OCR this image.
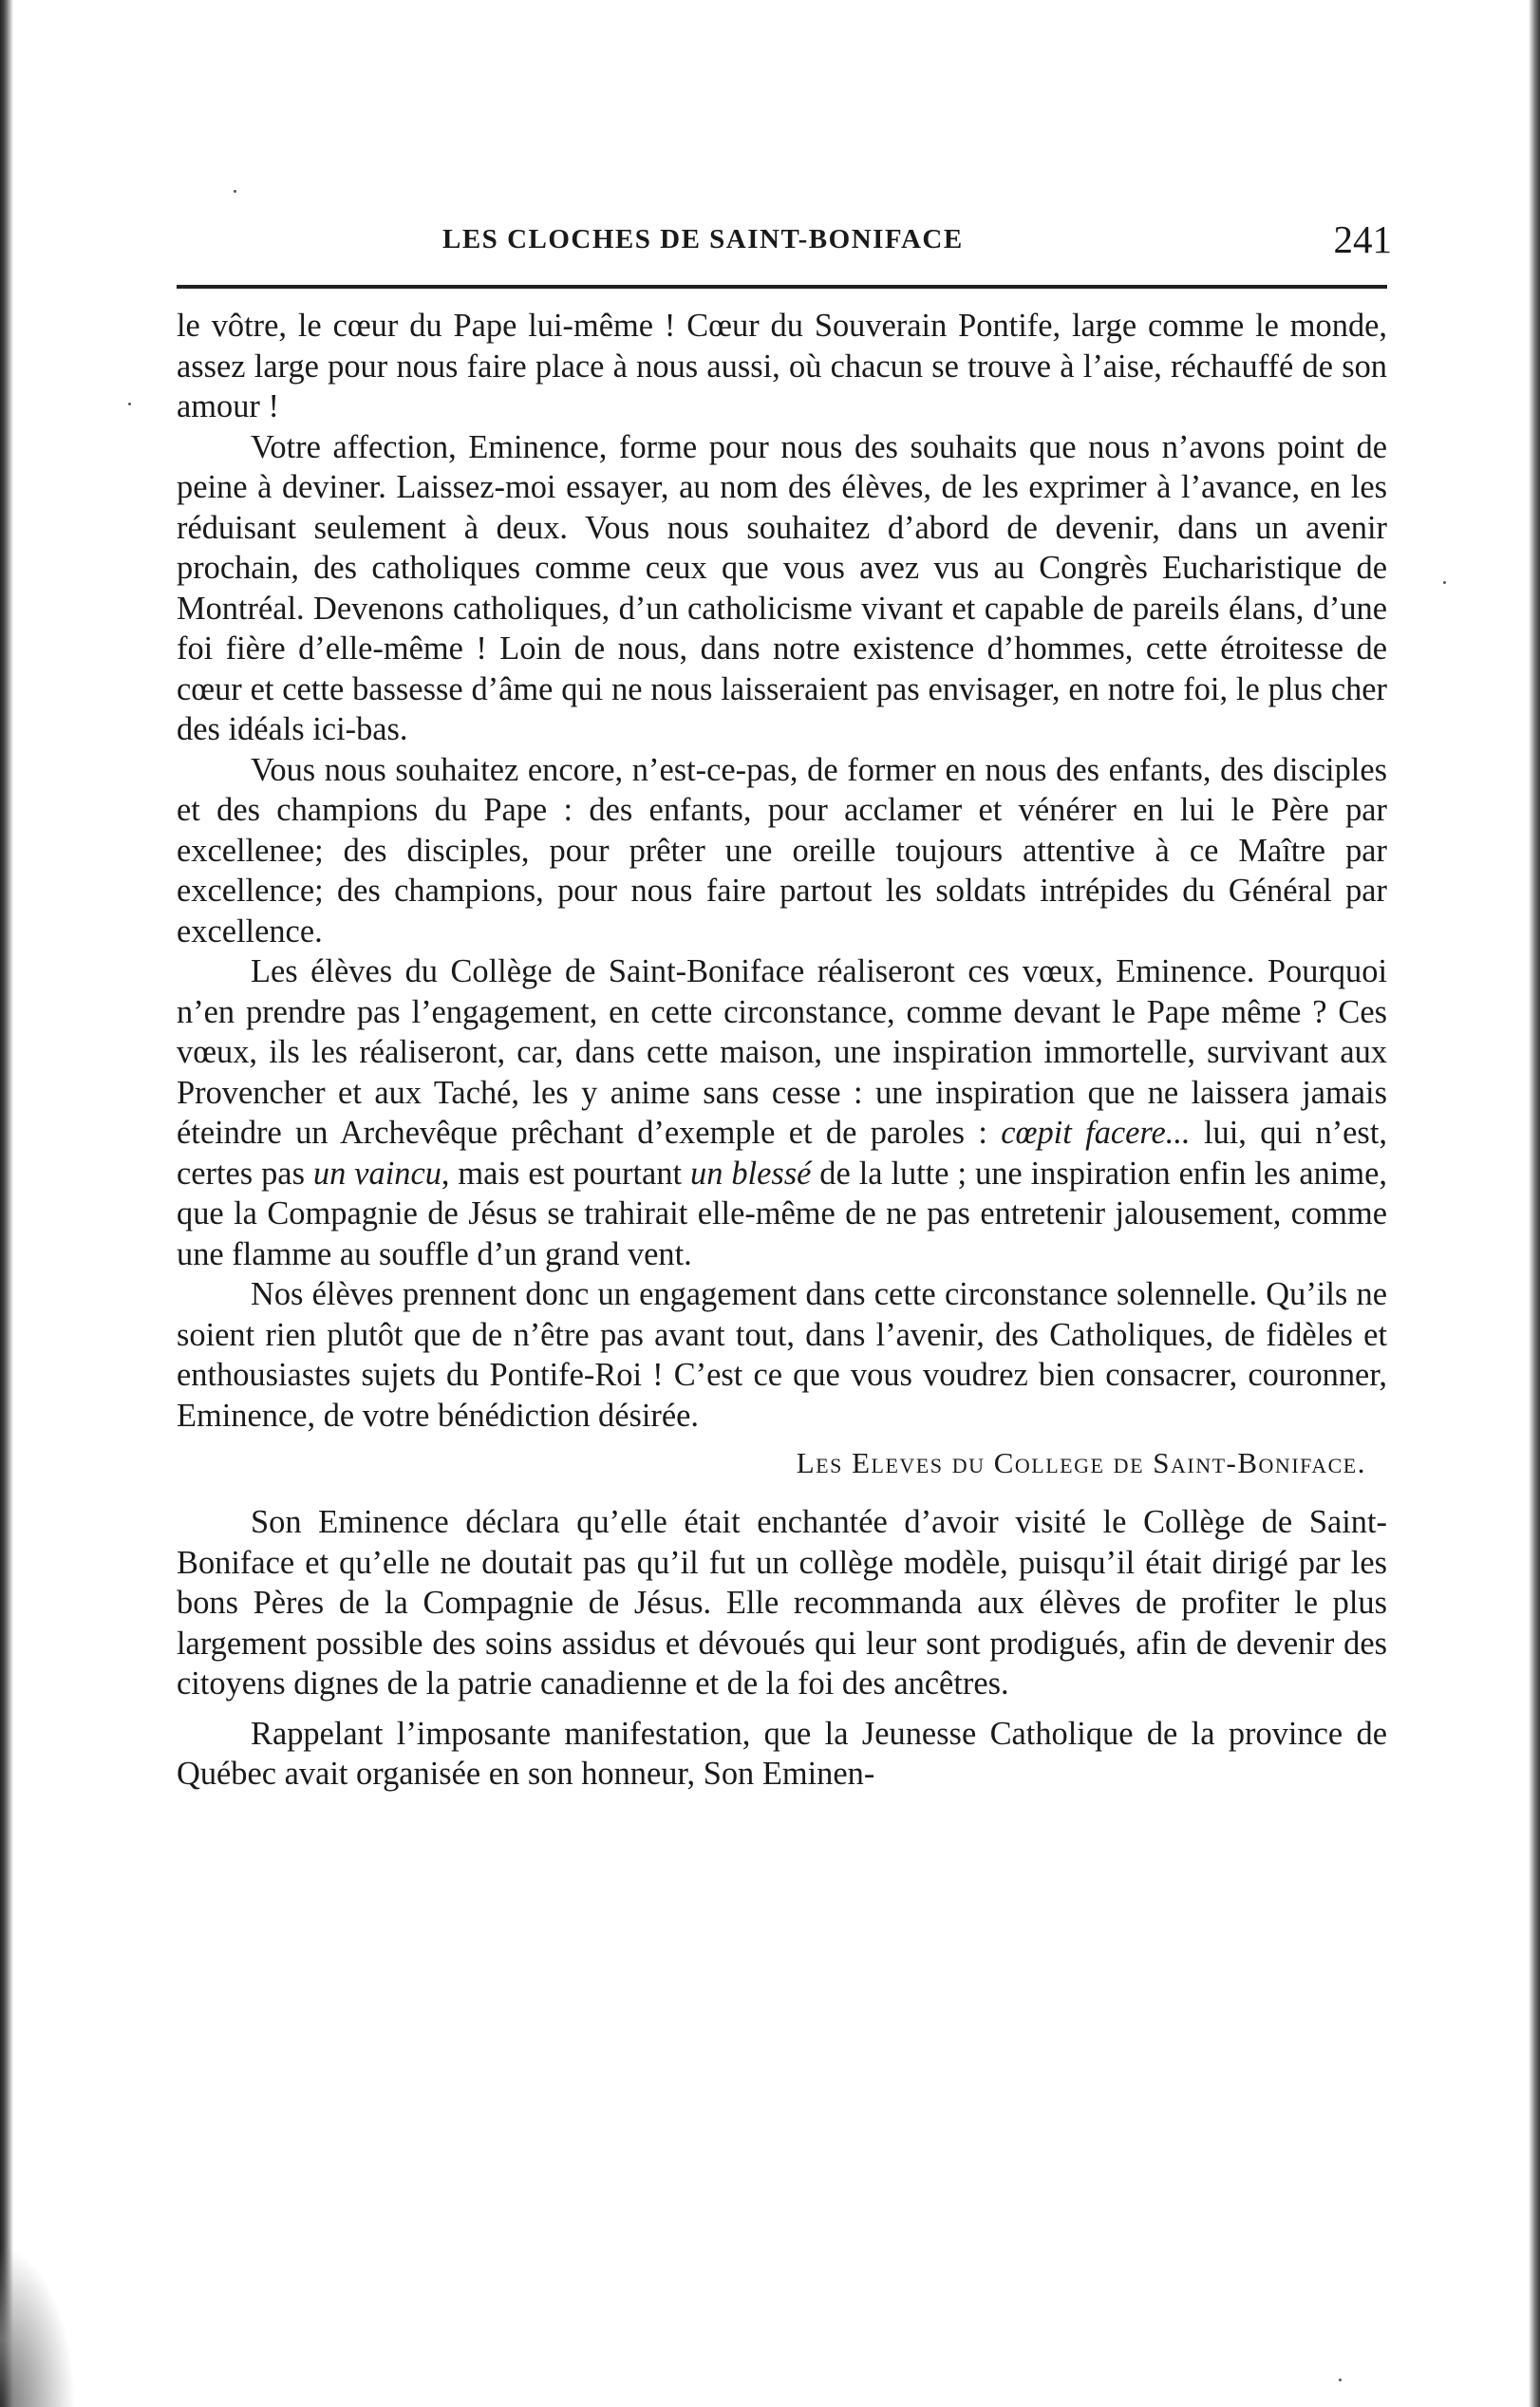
LES CLOCHES DE SAINT-BONIFACE	241

le vôtre, le cœur du Pape lui-même ! Cœur du Souverain Pontife, large comme le monde, assez large pour nous faire place à nous aussi, où chacun se trouve à l’aise, réchauffé de son amour !

Votre affection, Eminence, forme pour nous des souhaits que nous n’avons point de peine à deviner. Laissez-moi essayer, au nom des élèves, de les exprimer à l’avance, en les réduisant seulement à deux. Vous nous souhaitez d’abord de devenir, dans un avenir prochain, des catholiques comme ceux que vous avez vus au Congrès Eucharistique de Montréal. Devenons catholiques, d’un catholicisme vivant et capable de pareils élans, d’une foi fière d’elle-même ! Loin de nous, dans notre existence d’hommes, cette étroitesse de cœur et cette bassesse d’âme qui ne nous laisseraient pas envisager, en notre foi, le plus cher des idéals ici-bas.

Vous nous souhaitez encore, n’est-ce-pas, de former en nous des enfants, des disciples et des champions du Pape : des enfants, pour acclamer et vénérer en lui le Père par excellenee; des disciples, pour prêter une oreille toujours attentive à ce Maître par excellence; des champions, pour nous faire partout les soldats intrépides du Général par excellence.

Les élèves du Collège de Saint-Boniface réaliseront ces vœux, Eminence. Pourquoi n’en prendre pas l’engagement, en cette circonstance, comme devant le Pape même ? Ces vœux, ils les réaliseront, car, dans cette maison, une inspiration immortelle, survivant aux Provencher et aux Taché, les y anime sans cesse : une inspiration que ne laissera jamais éteindre un Archevêque prêchant d’exemple et de paroles : cœpit facere... lui, qui n’est, certes pas un vaincu, mais est pourtant un blessé de la lutte ; une inspiration enfin les anime, que la Compagnie de Jésus se trahirait elle-même de ne pas entretenir jalousement, comme une flamme au souffle d’un grand vent.

Nos élèves prennent donc un engagement dans cette circonstance solennelle. Qu’ils ne soient rien plutôt que de n’être pas avant tout, dans l’avenir, des Catholiques, de fidèles et enthousiastes sujets du Pontife-Roi ! C’est ce que vous voudrez bien consacrer, couronner, Eminence, de votre bénédiction désirée.

Les Eleves du College de Saint-Boniface.

Son Eminence déclara qu’elle était enchantée d’avoir visité le Collège de Saint-Boniface et qu’elle ne doutait pas qu’il fut un collège modèle, puisqu’il était dirigé par les bons Pères de la Compagnie de Jésus. Elle recommanda aux élèves de profiter le plus largement possible des soins assidus et dévoués qui leur sont prodigués, afin de devenir des citoyens dignes de la patrie canadienne et de la foi des ancêtres.

Rappelant l’imposante manifestation, que la Jeunesse Catholique de la province de Québec avait organisée en son honneur, Son Eminen-
